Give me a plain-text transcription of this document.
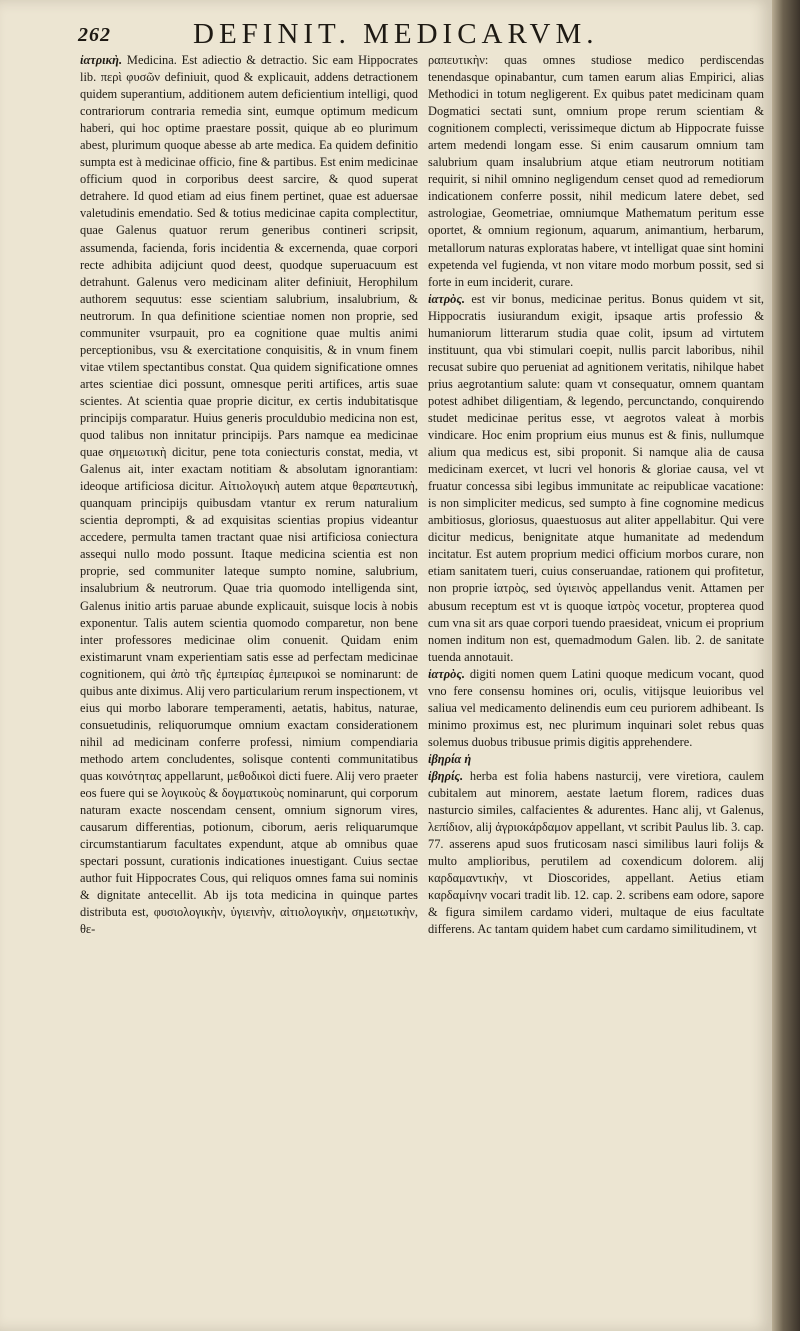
262	DEFINIT. MEDICARVM.

ἰατρικὴ. Medicina. Est adiectio & detractio. Sic eam Hippocrates lib. περὶ φυσῶν definiuit, quod & explicauit, addens detractionem quidem superantium, additionem autem deficientium intelligi, quod contrariorum contraria remedia sint, eumque optimum medicum haberi, qui hoc optime praestare possit, quique ab eo plurimum abest, plurimum quoque abesse ab arte medica. Ea quidem definitio sumpta est à medicinae officio, fine & partibus. Est enim medicinae officium quod in corporibus deest sarcire, & quod superat detrahere. Id quod etiam ad eius finem pertinet, quae est aduersae valetudinis emendatio. Sed & totius medicinae capita complectitur, quae Galenus quatuor rerum generibus contineri scripsit, assumenda, facienda, foris incidentia & excernenda, quae corpori recte adhibita adijciunt quod deest, quodque superuacuum est detrahunt. Galenus vero medicinam aliter definiuit, Herophilum authorem sequutus: esse scientiam salubrium, insalubrium, & neutrorum. In qua definitione scientiae nomen non proprie, sed communiter vsurpauit, pro ea cognitione quae multis animi perceptionibus, vsu & exercitatione conquisitis, & in vnum finem vitae vtilem spectantibus constat. Qua quidem significatione omnes artes scientiae dici possunt, omnesque periti artifices, artis suae scientes. At scientia quae proprie dicitur, ex certis indubitatisque principijs comparatur. Huius generis proculdubio medicina non est, quod talibus non innitatur principijs. Pars namque ea medicinae quae σημειωτικὴ dicitur, pene tota coniecturis constat, media, vt Galenus ait, inter exactam notitiam & absolutam ignorantiam: ideoque artificiosa dicitur. Αἰτιολογικὴ autem atque θεραπευτικὴ, quanquam principijs quibusdam vtantur ex rerum naturalium scientia deprompti, & ad exquisitas scientias propius videantur accedere, permulta tamen tractant quae nisi artificiosa coniectura assequi nullo modo possunt. Itaque medicina scientia est non proprie, sed communiter lateque sumpto nomine, salubrium, insalubrium & neutrorum. Quae tria quomodo intelligenda sint, Galenus initio artis paruae abunde explicauit, suisque locis à nobis exponentur. Talis autem scientia quomodo comparetur, non bene inter professores medicinae olim conuenit. Quidam enim existimarunt vnam experientiam satis esse ad perfectam medicinae cognitionem, qui ἀπὸ τῆς ἐμπειρίας ἐμπειρικοὶ se nominarunt: de quibus ante diximus. Alij vero particularium rerum inspectionem, vt eius qui morbo laborare temperamenti, aetatis, habitus, naturae, consuetudinis, reliquorumque omnium exactam considerationem nihil ad medicinam conferre professi, nimium compendiaria methodo artem concludentes, solisque contenti communitatibus quas κοινότητας appellarunt, μεθοδικοὶ dicti fuere. Alij vero praeter eos fuere qui se λογικοὺς & δογματικοὺς nominarunt, qui corporum naturam exacte noscendam censent, omnium signorum vires, causarum differentias, potionum, ciborum, aeris reliquarumque circumstantiarum facultates expendunt, atque ab omnibus quae spectari possunt, curationis indicationes inuestigant. Cuius sectae author fuit Hippocrates Cous, qui reliquos omnes fama sui nominis & dignitate antecellit. Ab ijs tota medicina in quinque partes distributa est, φυσιολογικὴν, ὑγιεινὴν, αἰτιολογικὴν, σημειωτικὴν, θε-

ραπευτικὴν: quas omnes studiose medico perdiscendas tenendasque opinabantur, cum tamen earum alias Empirici, alias Methodici in totum negligerent. Ex quibus patet medicinam quam Dogmatici sectati sunt, omnium prope rerum scientiam & cognitionem complecti, verissimeque dictum ab Hippocrate fuisse artem medendi longam esse. Si enim causarum omnium tam salubrium quam insalubrium atque etiam neutrorum notitiam requirit, si nihil omnino negligendum censet quod ad remediorum indicationem conferre possit, nihil medicum latere debet, sed astrologiae, Geometriae, omniumque Mathematum peritum esse oportet, & omnium regionum, aquarum, animantium, herbarum, metallorum naturas exploratas habere, vt intelligat quae sint homini expetenda vel fugienda, vt non vitare modo morbum possit, sed si forte in eum inciderit, curare.

ἰατρὸς. est vir bonus, medicinae peritus. Bonus quidem vt sit, Hippocratis iusiurandum exigit, ipsaque artis professio & humaniorum litterarum studia quae colit, ipsum ad virtutem instituunt, qua vbi stimulari coepit, nullis parcit laboribus, nihil recusat subire quo perueniat ad agnitionem veritatis, nihilque habet prius aegrotantium salute: quam vt consequatur, omnem quantam potest adhibet diligentiam, & legendo, percunctando, conquirendo studet medicinae peritus esse, vt aegrotos valeat à morbis vindicare. Hoc enim proprium eius munus est & finis, nullumque alium qua medicus est, sibi proponit. Si namque alia de causa medicinam exercet, vt lucri vel honoris & gloriae causa, vel vt fruatur concessa sibi legibus immunitate ac reipublicae vacatione: is non simpliciter medicus, sed sumpto à fine cognomine medicus ambitiosus, gloriosus, quaestuosus aut aliter appellabitur. Qui vere dicitur medicus, benignitate atque humanitate ad medendum incitatur. Est autem proprium medici officium morbos curare, non etiam sanitatem tueri, cuius conseruandae, rationem qui profitetur, non proprie ἰατρὸς, sed ὑγιεινὸς appellandus venit. Attamen per abusum receptum est vt is quoque ἰατρὸς vocetur, propterea quod cum vna sit ars quae corpori tuendo praesideat, vnicum ei proprium nomen inditum non est, quemadmodum Galen. lib. 2. de sanitate tuenda annotauit.

ἰατρὸς. digiti nomen quem Latini quoque medicum vocant, quod vno fere consensu homines ori, oculis, vitijsque leuioribus vel saliua vel medicamento delinendis eum ceu puriorem adhibeant. Is minimo proximus est, nec plurimum inquinari solet rebus quas solemus duobus tribusue primis digitis apprehendere.

ἰβηρία ἡ

ἰβηρίς. herba est folia habens nasturcij, vere viretiora, caulem cubitalem aut minorem, aestate laetum florem, radices duas nasturcio similes, calfacientes & adurentes. Hanc alij, vt Galenus, λεπίδιον, alij ἀγριοκάρδαμον appellant, vt scribit Paulus lib. 3. cap. 77. asserens apud suos fruticosam nasci similibus lauri folijs & multo amplioribus, perutilem ad coxendicum dolorem. alij καρδαμαντικὴν, vt Dioscorides, appellant. Aetius etiam καρδαμίνην vocari tradit lib. 12. cap. 2. scribens eam odore, sapore & figura similem cardamo videri, multaque de eius facultate differens. Ac tantam quidem habet cum cardamo similitudinem, vt
